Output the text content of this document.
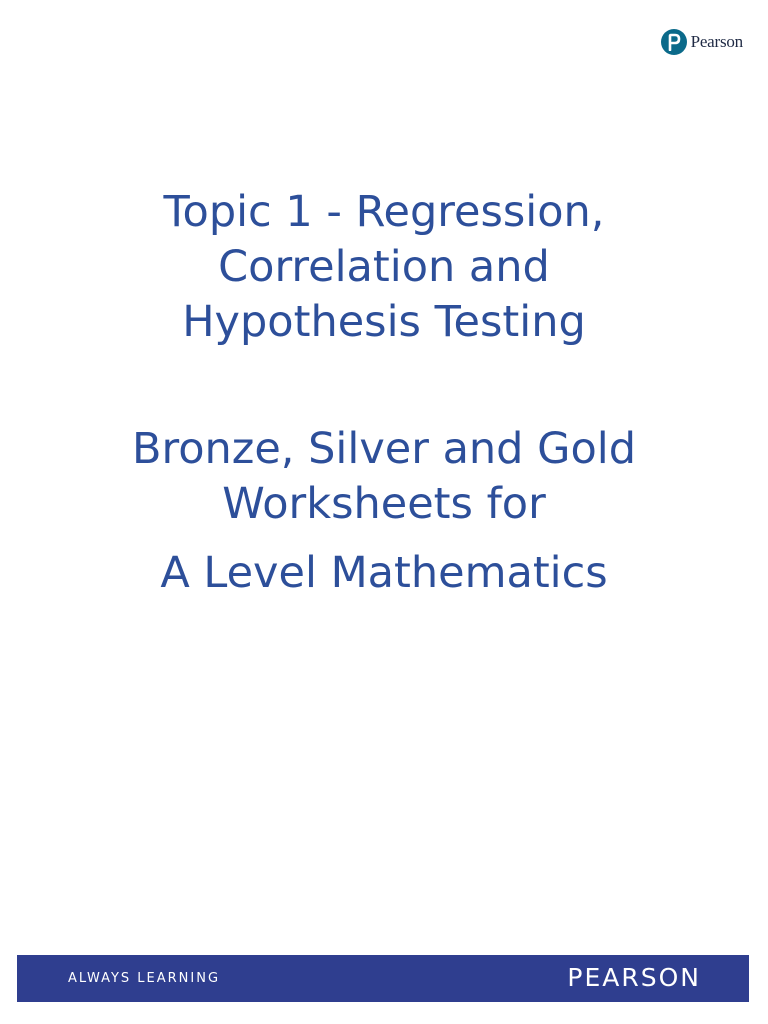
Pearson
Topic 1 - Regression,
Correlation and
Hypothesis Testing
Bronze, Silver and Gold
Worksheets for
A Level Mathematics
ALWAYS LEARNING	PEARSON
